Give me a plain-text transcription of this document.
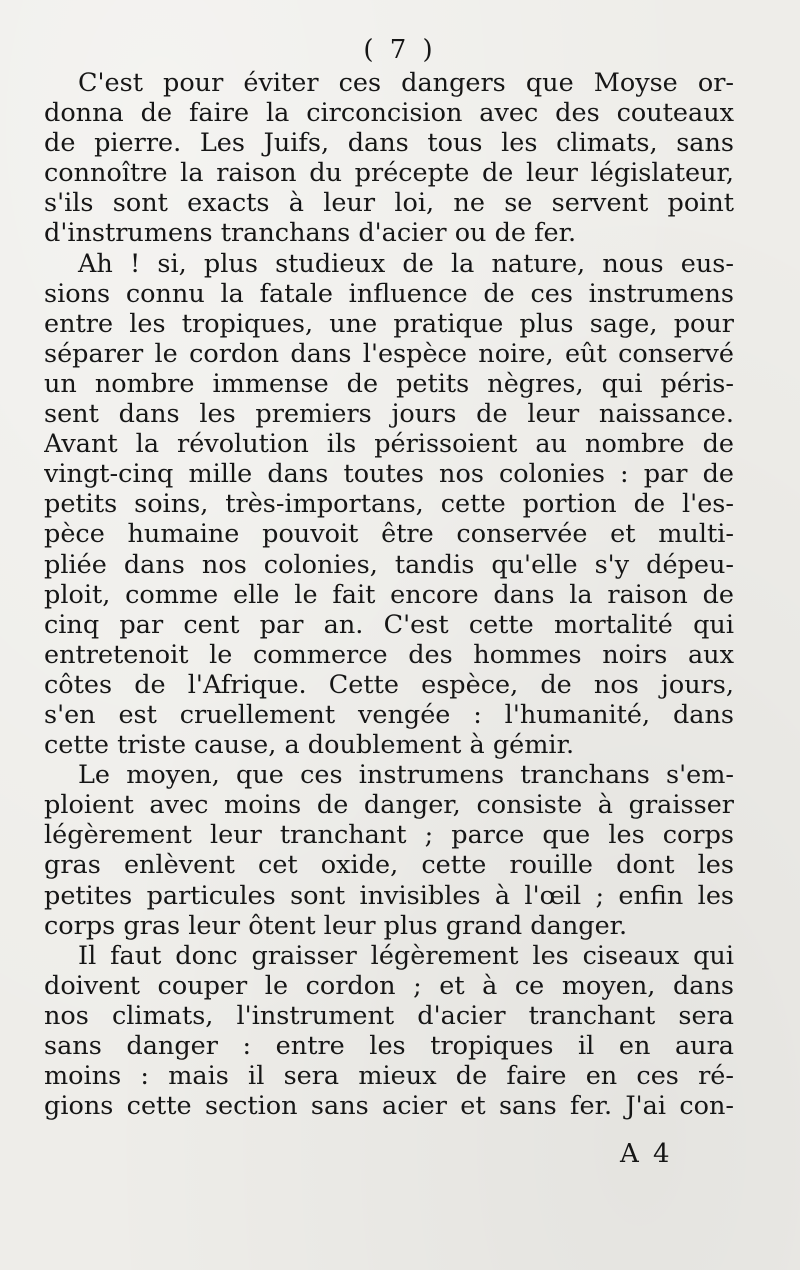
( 7 )
C'est pour éviter ces dangers que Moyse or-
donna de faire la circoncision avec des couteaux
de pierre. Les Juifs, dans tous les climats, sans
connoître la raison du précepte de leur législateur,
s'ils sont exacts à leur loi, ne se servent point
d'instrumens tranchans d'acier ou de fer.
Ah ! si, plus studieux de la nature, nous eus-
sions connu la fatale influence de ces instrumens
entre les tropiques, une pratique plus sage, pour
séparer le cordon dans l'espèce noire, eût conservé
un nombre immense de petits nègres, qui péris-
sent dans les premiers jours de leur naissance.
Avant la révolution ils périssoient au nombre de
vingt-cinq mille dans toutes nos colonies : par de
petits soins, très-importans, cette portion de l'es-
pèce humaine pouvoit être conservée et multi-
pliée dans nos colonies, tandis qu'elle s'y dépeu-
ploit, comme elle le fait encore dans la raison de
cinq par cent par an. C'est cette mortalité qui
entretenoit le commerce des hommes noirs aux
côtes de l'Afrique. Cette espèce, de nos jours,
s'en est cruellement vengée : l'humanité, dans
cette triste cause, a doublement à gémir.
Le moyen, que ces instrumens tranchans s'em-
ploient avec moins de danger, consiste à graisser
légèrement leur tranchant ; parce que les corps
gras enlèvent cet oxide, cette rouille dont les
petites particules sont invisibles à l'œil ; enfin les
corps gras leur ôtent leur plus grand danger.
Il faut donc graisser légèrement les ciseaux qui
doivent couper le cordon ; et à ce moyen, dans
nos climats, l'instrument d'acier tranchant sera
sans danger : entre les tropiques il en aura
moins : mais il sera mieux de faire en ces ré-
gions cette section sans acier et sans fer. J'ai con-
A 4
